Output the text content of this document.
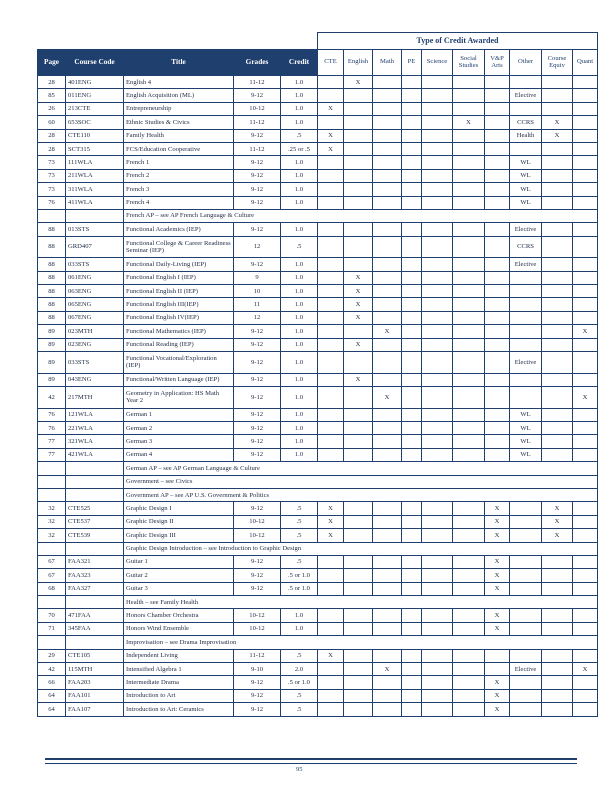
					Type of Credit Awarded									
Page	Course Code	Title	Grades	Credit	CTE	English	Math	PE	Science	Social Studies	V&P Arts	Other	Course Equiv	Quant
28	401ENG	English 4	11-12	1.0		X								
85	011ENG	English Acquisition (ML)	9-12	1.0								Elective		
26	213CTE	Entrepreneurship	10-12	1.0	X									
60	653SOC	Ethnic Studies & Civics	11-12	1.0						X		CCRS	X	
28	CTE110	Family Health	9-12	.5	X							Health	X	
28	SCT315	FCS/Education Cooperative	11-12	.25 or .5	X									
73	111WLA	French 1	9-12	1.0								WL		
73	211WLA	French 2	9-12	1.0								WL		
73	311WLA	French 3	9-12	1.0								WL		
76	411WLA	French 4	9-12	1.0								WL		
		French AP – see AP French Language & Culture												
88	013STS	Functional Academics (IEP)	9-12	1.0								Elective		
88	GRD407	Functional College & Career Readiness Seminar (IEP)	12	.5								CCRS		
88	033STS	Functional Daily-Living (IEP)	9-12	1.0								Elective		
88	061ENG	Functional English I (IEP)	9	1.0		X								
88	063ENG	Functional English II (IEP)	10	1.0		X								
88	065ENG	Functional English III(IEP)	11	1.0		X								
88	067ENG	Functional English IV(IEP)	12	1.0		X								
89	023MTH	Functional Mathematics (IEP)	9-12	1.0			X							X
89	023ENG	Functional Reading (IEP)	9-12	1.0		X								
89	033STS	Functional Vocational/Exploration (IEP)	9-12	1.0								Elective		
89	043ENG	Functional/Written Language (IEP)	9-12	1.0		X								
42	217MTH	Geometry in Application: HS Math Year 2	9-12	1.0			X							X
76	121WLA	German 1	9-12	1.0								WL		
76	221WLA	German 2	9-12	1.0								WL		
77	321WLA	German 3	9-12	1.0								WL		
77	421WLA	German 4	9-12	1.0								WL		
		German AP – see AP German Language & Culture												
		Government – see Civics												
		Government AP – see AP U.S. Government & Politics												
32	CTE525	Graphic Design I	9-12	.5	X						X		X	
32	CTE537	Graphic Design II	10-12	.5	X						X		X	
32	CTE539	Graphic Design III	10-12	.5	X						X		X	
		Graphic Design Introduction – see Introduction to Graphic Design												
67	FAA321	Guitar 1	9-12	.5							X			
67	FAA323	Guitar 2	9-12	.5 or 1.0							X			
68	FAA327	Guitar 3	9-12	.5 or 1.0							X			
		Health – see Family Health												
70	471FAA	Honors Chamber Orchestra	10-12	1.0							X			
71	345FAA	Honors Wind Ensemble	10-12	1.0							X			
		Improvisation – see Drama Improvisation												
29	CTE105	Independent Living	11-12	.5	X									
42	115MTH	Intensified Algebra 1	9-10	2.0			X					Elective		X
66	FAA203	Intermediate Drama	9-12	.5 or 1.0							X			
64	FAA101	Introduction to Art	9-12	.5							X			
64	FAA107	Introduction to Art: Ceramics	9-12	.5							X			
95
